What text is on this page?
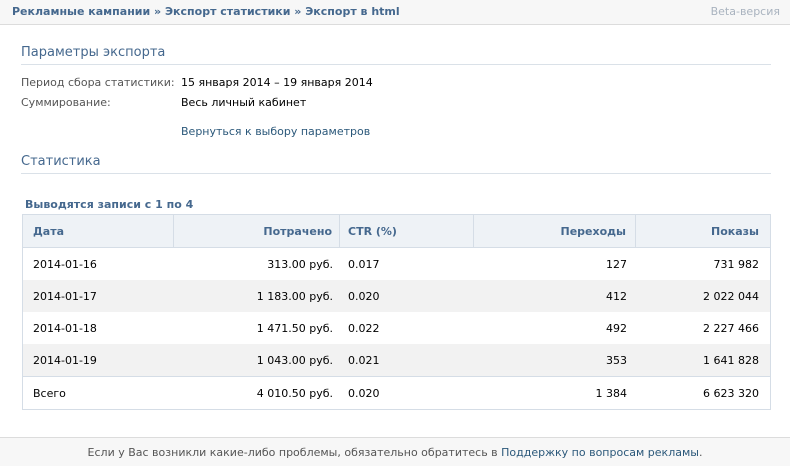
Рекламные кампании » Экспорт статистики » Экспорт в html	Beta-версия
Параметры экспорта
Период сбора статистики: 15 января 2014 – 19 января 2014
Суммирование:	Весь личный кабинет
Вернуться к выбору параметров
Статистика
Выводятся записи с 1 по 4
Дата	Потрачено	CTR (%)	Переходы	Показы
2014-01-16	313.00 руб.	0.017	127	731 982
2014-01-17	1 183.00 руб.	0.020	412	2 022 044
2014-01-18	1 471.50 руб.	0.022	492	2 227 466
2014-01-19	1 043.00 руб.	0.021	353	1 641 828
Всего	4 010.50 руб.	0.020	1 384	6 623 320
Если у Вас возникли какие-либо проблемы, обязательно обратитесь в Поддержку по вопросам рекламы.
